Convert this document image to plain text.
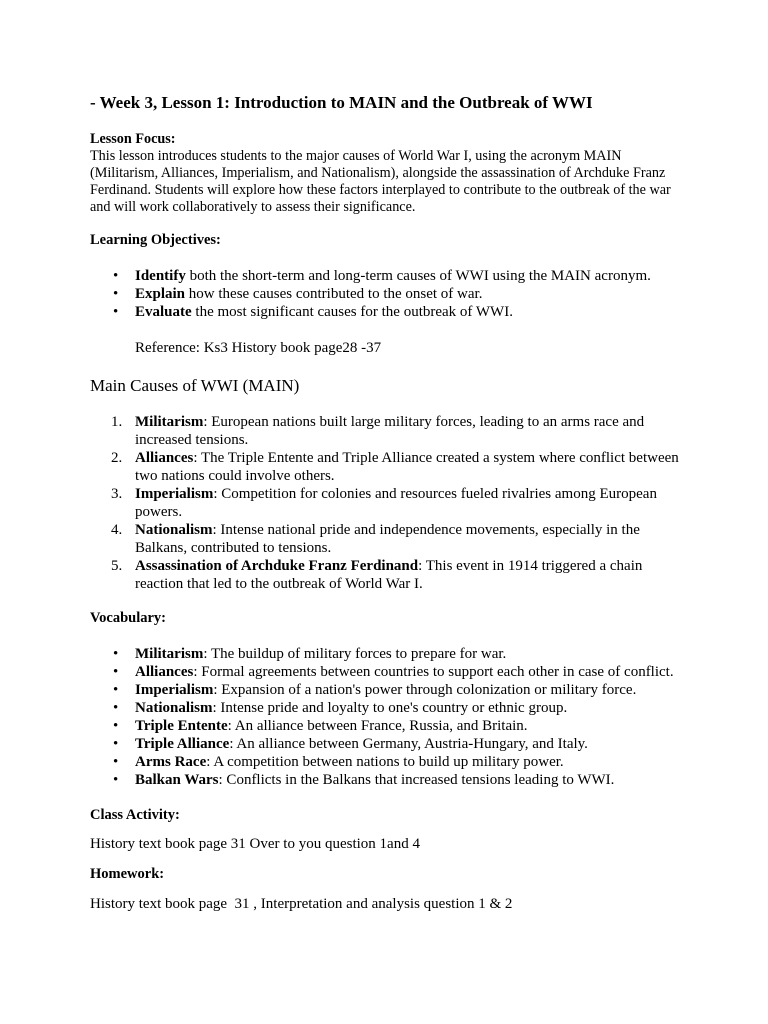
- Week 3, Lesson 1: Introduction to MAIN and the Outbreak of WWI
Lesson Focus:
This lesson introduces students to the major causes of World War I, using the acronym MAIN (Militarism, Alliances, Imperialism, and Nationalism), alongside the assassination of Archduke Franz Ferdinand. Students will explore how these factors interplayed to contribute to the outbreak of the war and will work collaboratively to assess their significance.
Learning Objectives:
• Identify both the short-term and long-term causes of WWI using the MAIN acronym.
• Explain how these causes contributed to the onset of war.
• Evaluate the most significant causes for the outbreak of WWI.
Reference: Ks3 History book page28 -37
Main Causes of WWI (MAIN)
1. Militarism: European nations built large military forces, leading to an arms race and increased tensions.
2. Alliances: The Triple Entente and Triple Alliance created a system where conflict between two nations could involve others.
3. Imperialism: Competition for colonies and resources fueled rivalries among European powers.
4. Nationalism: Intense national pride and independence movements, especially in the Balkans, contributed to tensions.
5. Assassination of Archduke Franz Ferdinand: This event in 1914 triggered a chain reaction that led to the outbreak of World War I.
Vocabulary:
• Militarism: The buildup of military forces to prepare for war.
• Alliances: Formal agreements between countries to support each other in case of conflict.
• Imperialism: Expansion of a nation's power through colonization or military force.
• Nationalism: Intense pride and loyalty to one's country or ethnic group.
• Triple Entente: An alliance between France, Russia, and Britain.
• Triple Alliance: An alliance between Germany, Austria-Hungary, and Italy.
• Arms Race: A competition between nations to build up military power.
• Balkan Wars: Conflicts in the Balkans that increased tensions leading to WWI.
Class Activity:
History text book page 31 Over to you question 1and 4
Homework:
History text book page  31 , Interpretation and analysis question 1 & 2
